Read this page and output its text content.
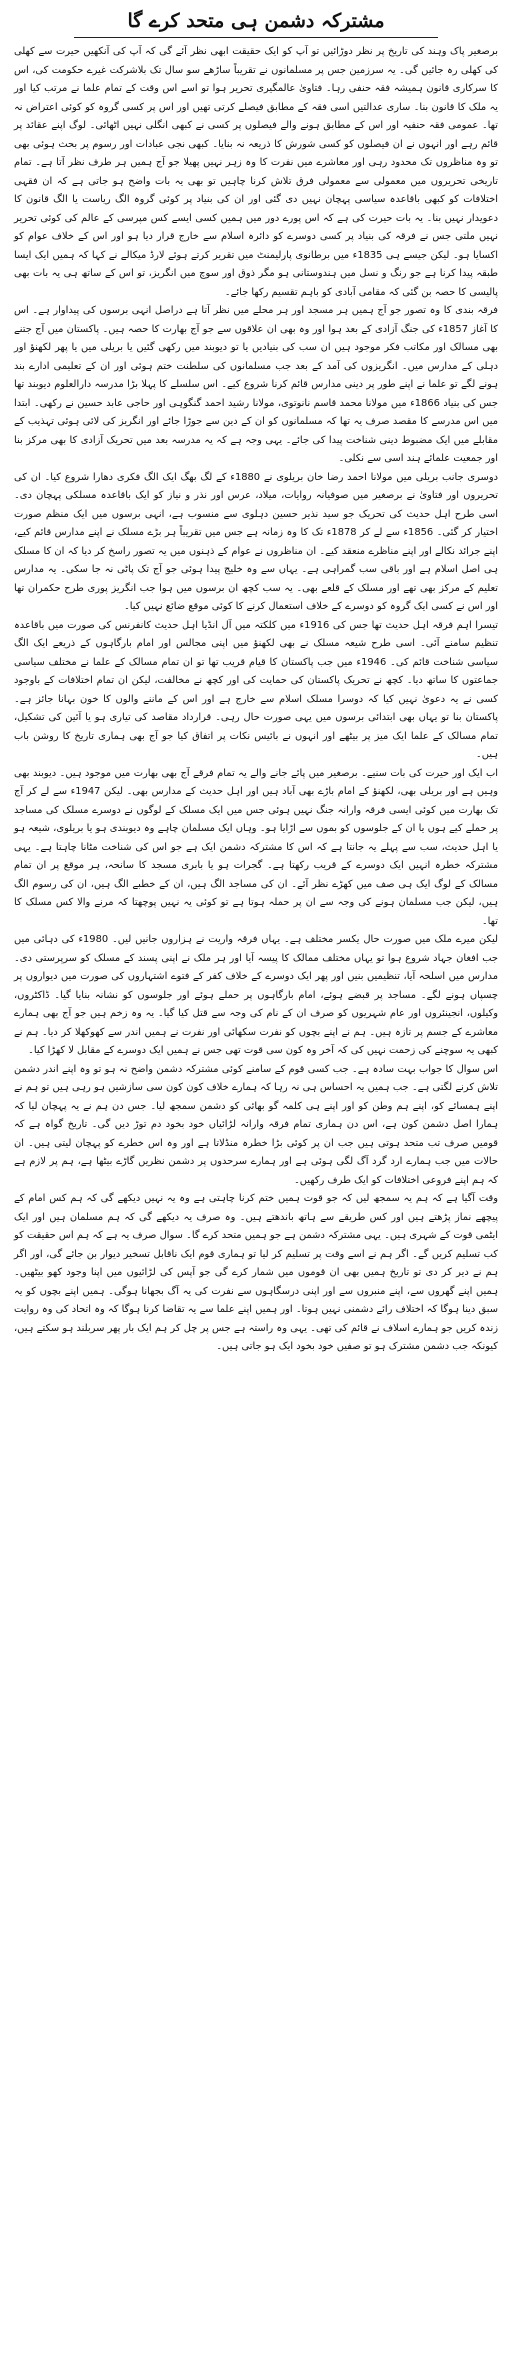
مشترکہ دشمن ہی متحد کرے گا

برصغیر پاک وہند کی تاریخ پر نظر دوڑائیں تو آپ کو ایک حقیقت ابھی نظر آئے گی کہ آپ کی آنکھیں حیرت سے کھلی کی کھلی رہ جائیں گی۔ یہ سرزمین جس پر مسلمانوں نے تقریباً ساڑھے سو سال تک بلاشرکت غیرے حکومت کی، اس کا سرکاری قانون ہمیشہ فقہ حنفی رہا۔ فتاویٰ عالمگیری تحریر ہوا تو اسے اس وقت کے تمام علما نے مرتب کیا اور یہ ملک کا قانون بنا۔ ساری عدالتیں اسی فقہ کے مطابق فیصلے کرتی تھیں اور اس پر کسی گروہ کو کوئی اعتراض نہ تھا۔ عمومی فقہ حنفیہ اور اس کے مطابق ہونے والے فیصلوں پر کسی نے کبھی انگلی نہیں اٹھائی۔ لوگ اپنے عقائد پر قائم رہے اور انہوں نے ان فیصلوں کو کسی شورش کا ذریعہ نہ بنایا۔ کبھی نجی عبادات اور رسوم پر بحث ہوئی بھی تو وہ مناظروں تک محدود رہی اور معاشرے میں نفرت کا وہ زہر نہیں پھیلا جو آج ہمیں ہر طرف نظر آتا ہے۔ تمام تاریخی تحریروں میں معمولی سے معمولی فرق تلاش کرنا چاہیں تو بھی یہ بات واضح ہو جاتی ہے کہ ان فقہی اختلافات کو کبھی باقاعدہ سیاسی پہچان نہیں دی گئی اور ان کی بنیاد پر کوئی گروہ الگ ریاست یا الگ قانون کا دعویدار نہیں بنا۔ یہ بات حیرت کی ہے کہ اس پورے دور میں ہمیں کسی ایسے کس مپرسی کے عالم کی کوئی تحریر نہیں ملتی جس نے فرقہ کی بنیاد پر کسی دوسرے کو دائرہ اسلام سے خارج قرار دیا ہو اور اس کے خلاف عوام کو اکسایا ہو۔ لیکن جیسے ہی 1835ء میں برطانوی پارلیمنٹ میں تقریر کرتے ہوئے لارڈ میکالے نے کہا کہ ہمیں ایک ایسا طبقہ پیدا کرنا ہے جو رنگ و نسل میں ہندوستانی ہو مگر ذوق اور سوچ میں انگریز، تو اس کے ساتھ ہی یہ بات بھی پالیسی کا حصہ بن گئی کہ مقامی آبادی کو باہم تقسیم رکھا جائے۔

فرقہ بندی کا وہ تصور جو آج ہمیں ہر مسجد اور ہر محلے میں نظر آتا ہے دراصل انہی برسوں کی پیداوار ہے۔ اس کا آغاز 1857ء کی جنگ آزادی کے بعد ہوا اور وہ بھی ان علاقوں سے جو آج بھارت کا حصہ ہیں۔ پاکستان میں آج جتنے بھی مسالک اور مکاتب فکر موجود ہیں ان سب کی بنیادیں یا تو دیوبند میں رکھی گئیں یا بریلی میں یا پھر لکھنؤ اور دہلی کے مدارس میں۔ انگریزوں کی آمد کے بعد جب مسلمانوں کی سلطنت ختم ہوئی اور ان کے تعلیمی ادارے بند ہونے لگے تو علما نے اپنے طور پر دینی مدارس قائم کرنا شروع کیے۔ اس سلسلے کا پہلا بڑا مدرسہ دارالعلوم دیوبند تھا جس کی بنیاد 1866ء میں مولانا محمد قاسم نانوتوی، مولانا رشید احمد گنگوہی اور حاجی عابد حسین نے رکھی۔ ابتدا میں اس مدرسے کا مقصد صرف یہ تھا کہ مسلمانوں کو ان کے دین سے جوڑا جائے اور انگریز کی لائی ہوئی تہذیب کے مقابلے میں ایک مضبوط دینی شناخت پیدا کی جائے۔ یہی وجہ ہے کہ یہ مدرسہ بعد میں تحریک آزادی کا بھی مرکز بنا اور جمعیت علمائے ہند اسی سے نکلی۔

دوسری جانب بریلی میں مولانا احمد رضا خان بریلوی نے 1880ء کے لگ بھگ ایک الگ فکری دھارا شروع کیا۔ ان کی تحریروں اور فتاویٰ نے برصغیر میں صوفیانہ روایات، میلاد، عرس اور نذر و نیاز کو ایک باقاعدہ مسلکی پہچان دی۔ اسی طرح اہل حدیث کی تحریک جو سید نذیر حسین دہلوی سے منسوب ہے، انہی برسوں میں ایک منظم صورت اختیار کر گئی۔ 1856ء سے لے کر 1878ء تک کا وہ زمانہ ہے جس میں تقریباً ہر بڑے مسلک نے اپنے مدارس قائم کیے، اپنے جرائد نکالے اور اپنے مناظرے منعقد کیے۔ ان مناظروں نے عوام کے ذہنوں میں یہ تصور راسخ کر دیا کہ ان کا مسلک ہی اصل اسلام ہے اور باقی سب گمراہی ہے۔ یہاں سے وہ خلیج پیدا ہوئی جو آج تک پاٹی نہ جا سکی۔ یہ مدارس تعلیم کے مرکز بھی تھے اور مسلک کے قلعے بھی۔ یہ سب کچھ ان برسوں میں ہوا جب انگریز پوری طرح حکمران تھا اور اس نے کسی ایک گروہ کو دوسرے کے خلاف استعمال کرنے کا کوئی موقع ضائع نہیں کیا۔

تیسرا اہم فرقہ اہل حدیث تھا جس کی 1916ء میں کلکتہ میں آل انڈیا اہل حدیث کانفرنس کی صورت میں باقاعدہ تنظیم سامنے آئی۔ اسی طرح شیعہ مسلک نے بھی لکھنؤ میں اپنی مجالس اور امام بارگاہوں کے ذریعے ایک الگ سیاسی شناخت قائم کی۔ 1946ء میں جب پاکستان کا قیام قریب تھا تو ان تمام مسالک کے علما نے مختلف سیاسی جماعتوں کا ساتھ دیا۔ کچھ نے تحریک پاکستان کی حمایت کی اور کچھ نے مخالفت، لیکن ان تمام اختلافات کے باوجود کسی نے یہ دعویٰ نہیں کیا کہ دوسرا مسلک اسلام سے خارج ہے اور اس کے ماننے والوں کا خون بہانا جائز ہے۔ پاکستان بنا تو یہاں بھی ابتدائی برسوں میں یہی صورت حال رہی۔ قرارداد مقاصد کی تیاری ہو یا آئین کی تشکیل، تمام مسالک کے علما ایک میز پر بیٹھے اور انہوں نے بائیس نکات پر اتفاق کیا جو آج بھی ہماری تاریخ کا روشن باب ہیں۔

اب ایک اور حیرت کی بات سنیے۔ برصغیر میں پائے جانے والے یہ تمام فرقے آج بھی بھارت میں موجود ہیں۔ دیوبند بھی وہیں ہے اور بریلی بھی، لکھنؤ کے امام باڑے بھی آباد ہیں اور اہل حدیث کے مدارس بھی۔ لیکن 1947ء سے لے کر آج تک بھارت میں کوئی ایسی فرقہ وارانہ جنگ نہیں ہوئی جس میں ایک مسلک کے لوگوں نے دوسرے مسلک کی مساجد پر حملے کیے ہوں یا ان کے جلوسوں کو بموں سے اڑایا ہو۔ وہاں ایک مسلمان چاہے وہ دیوبندی ہو یا بریلوی، شیعہ ہو یا اہل حدیث، سب سے پہلے یہ جانتا ہے کہ اس کا مشترکہ دشمن ایک ہے جو اس کی شناخت مٹانا چاہتا ہے۔ یہی مشترکہ خطرہ انہیں ایک دوسرے کے قریب رکھتا ہے۔ گجرات ہو یا بابری مسجد کا سانحہ، ہر موقع پر ان تمام مسالک کے لوگ ایک ہی صف میں کھڑے نظر آئے۔ ان کی مساجد الگ ہیں، ان کے خطبے الگ ہیں، ان کی رسوم الگ ہیں، لیکن جب مسلمان ہونے کی وجہ سے ان پر حملہ ہوتا ہے تو کوئی یہ نہیں پوچھتا کہ مرنے والا کس مسلک کا تھا۔

لیکن میرے ملک میں صورت حال یکسر مختلف ہے۔ یہاں فرقہ واریت نے ہزاروں جانیں لیں۔ 1980ء کی دہائی میں جب افغان جہاد شروع ہوا تو یہاں مختلف ممالک کا پیسہ آیا اور ہر ملک نے اپنی پسند کے مسلک کو سرپرستی دی۔ مدارس میں اسلحہ آیا، تنظیمیں بنیں اور پھر ایک دوسرے کے خلاف کفر کے فتوے اشتہاروں کی صورت میں دیواروں پر چسپاں ہونے لگے۔ مساجد پر قبضے ہوئے، امام بارگاہوں پر حملے ہوئے اور جلوسوں کو نشانہ بنایا گیا۔ ڈاکٹروں، وکیلوں، انجینئروں اور عام شہریوں کو صرف ان کے نام کی وجہ سے قتل کیا گیا۔ یہ وہ زخم ہیں جو آج بھی ہمارے معاشرے کے جسم پر تازہ ہیں۔ ہم نے اپنے بچوں کو نفرت سکھائی اور نفرت نے ہمیں اندر سے کھوکھلا کر دیا۔ ہم نے کبھی یہ سوچنے کی زحمت نہیں کی کہ آخر وہ کون سی قوت تھی جس نے ہمیں ایک دوسرے کے مقابل لا کھڑا کیا۔

اس سوال کا جواب بہت سادہ ہے۔ جب کسی قوم کے سامنے کوئی مشترکہ دشمن واضح نہ ہو تو وہ اپنے اندر دشمن تلاش کرنے لگتی ہے۔ جب ہمیں یہ احساس ہی نہ رہا کہ ہمارے خلاف کون کون سی سازشیں ہو رہی ہیں تو ہم نے اپنے ہمسائے کو، اپنے ہم وطن کو اور اپنے ہی کلمہ گو بھائی کو دشمن سمجھ لیا۔ جس دن ہم نے یہ پہچان لیا کہ ہمارا اصل دشمن کون ہے، اس دن ہماری تمام فرقہ وارانہ لڑائیاں خود بخود دم توڑ دیں گی۔ تاریخ گواہ ہے کہ قومیں صرف تب متحد ہوتی ہیں جب ان پر کوئی بڑا خطرہ منڈلاتا ہے اور وہ اس خطرے کو پہچان لیتی ہیں۔ ان حالات میں جب ہمارے ارد گرد آگ لگی ہوئی ہے اور ہمارے سرحدوں پر دشمن نظریں گاڑے بیٹھا ہے، ہم پر لازم ہے کہ ہم اپنے فروعی اختلافات کو ایک طرف رکھیں۔

وقت آگیا ہے کہ ہم یہ سمجھ لیں کہ جو قوت ہمیں ختم کرنا چاہتی ہے وہ یہ نہیں دیکھے گی کہ ہم کس امام کے پیچھے نماز پڑھتے ہیں اور کس طریقے سے ہاتھ باندھتے ہیں۔ وہ صرف یہ دیکھے گی کہ ہم مسلمان ہیں اور ایک ایٹمی قوت کے شہری ہیں۔ یہی مشترکہ دشمن ہے جو ہمیں متحد کرے گا۔ سوال صرف یہ ہے کہ ہم اس حقیقت کو کب تسلیم کریں گے۔ اگر ہم نے اسے وقت پر تسلیم کر لیا تو ہماری قوم ایک ناقابل تسخیر دیوار بن جائے گی، اور اگر ہم نے دیر کر دی تو تاریخ ہمیں بھی ان قوموں میں شمار کرے گی جو آپس کی لڑائیوں میں اپنا وجود کھو بیٹھیں۔ ہمیں اپنے گھروں سے، اپنے منبروں سے اور اپنی درسگاہوں سے نفرت کی یہ آگ بجھانا ہوگی۔ ہمیں اپنے بچوں کو یہ سبق دینا ہوگا کہ اختلاف رائے دشمنی نہیں ہوتا۔ اور ہمیں اپنے علما سے یہ تقاضا کرنا ہوگا کہ وہ اتحاد کی وہ روایت زندہ کریں جو ہمارے اسلاف نے قائم کی تھی۔ یہی وہ راستہ ہے جس پر چل کر ہم ایک بار پھر سربلند ہو سکتے ہیں، کیونکہ جب دشمن مشترک ہو تو صفیں خود بخود ایک ہو جاتی ہیں۔
